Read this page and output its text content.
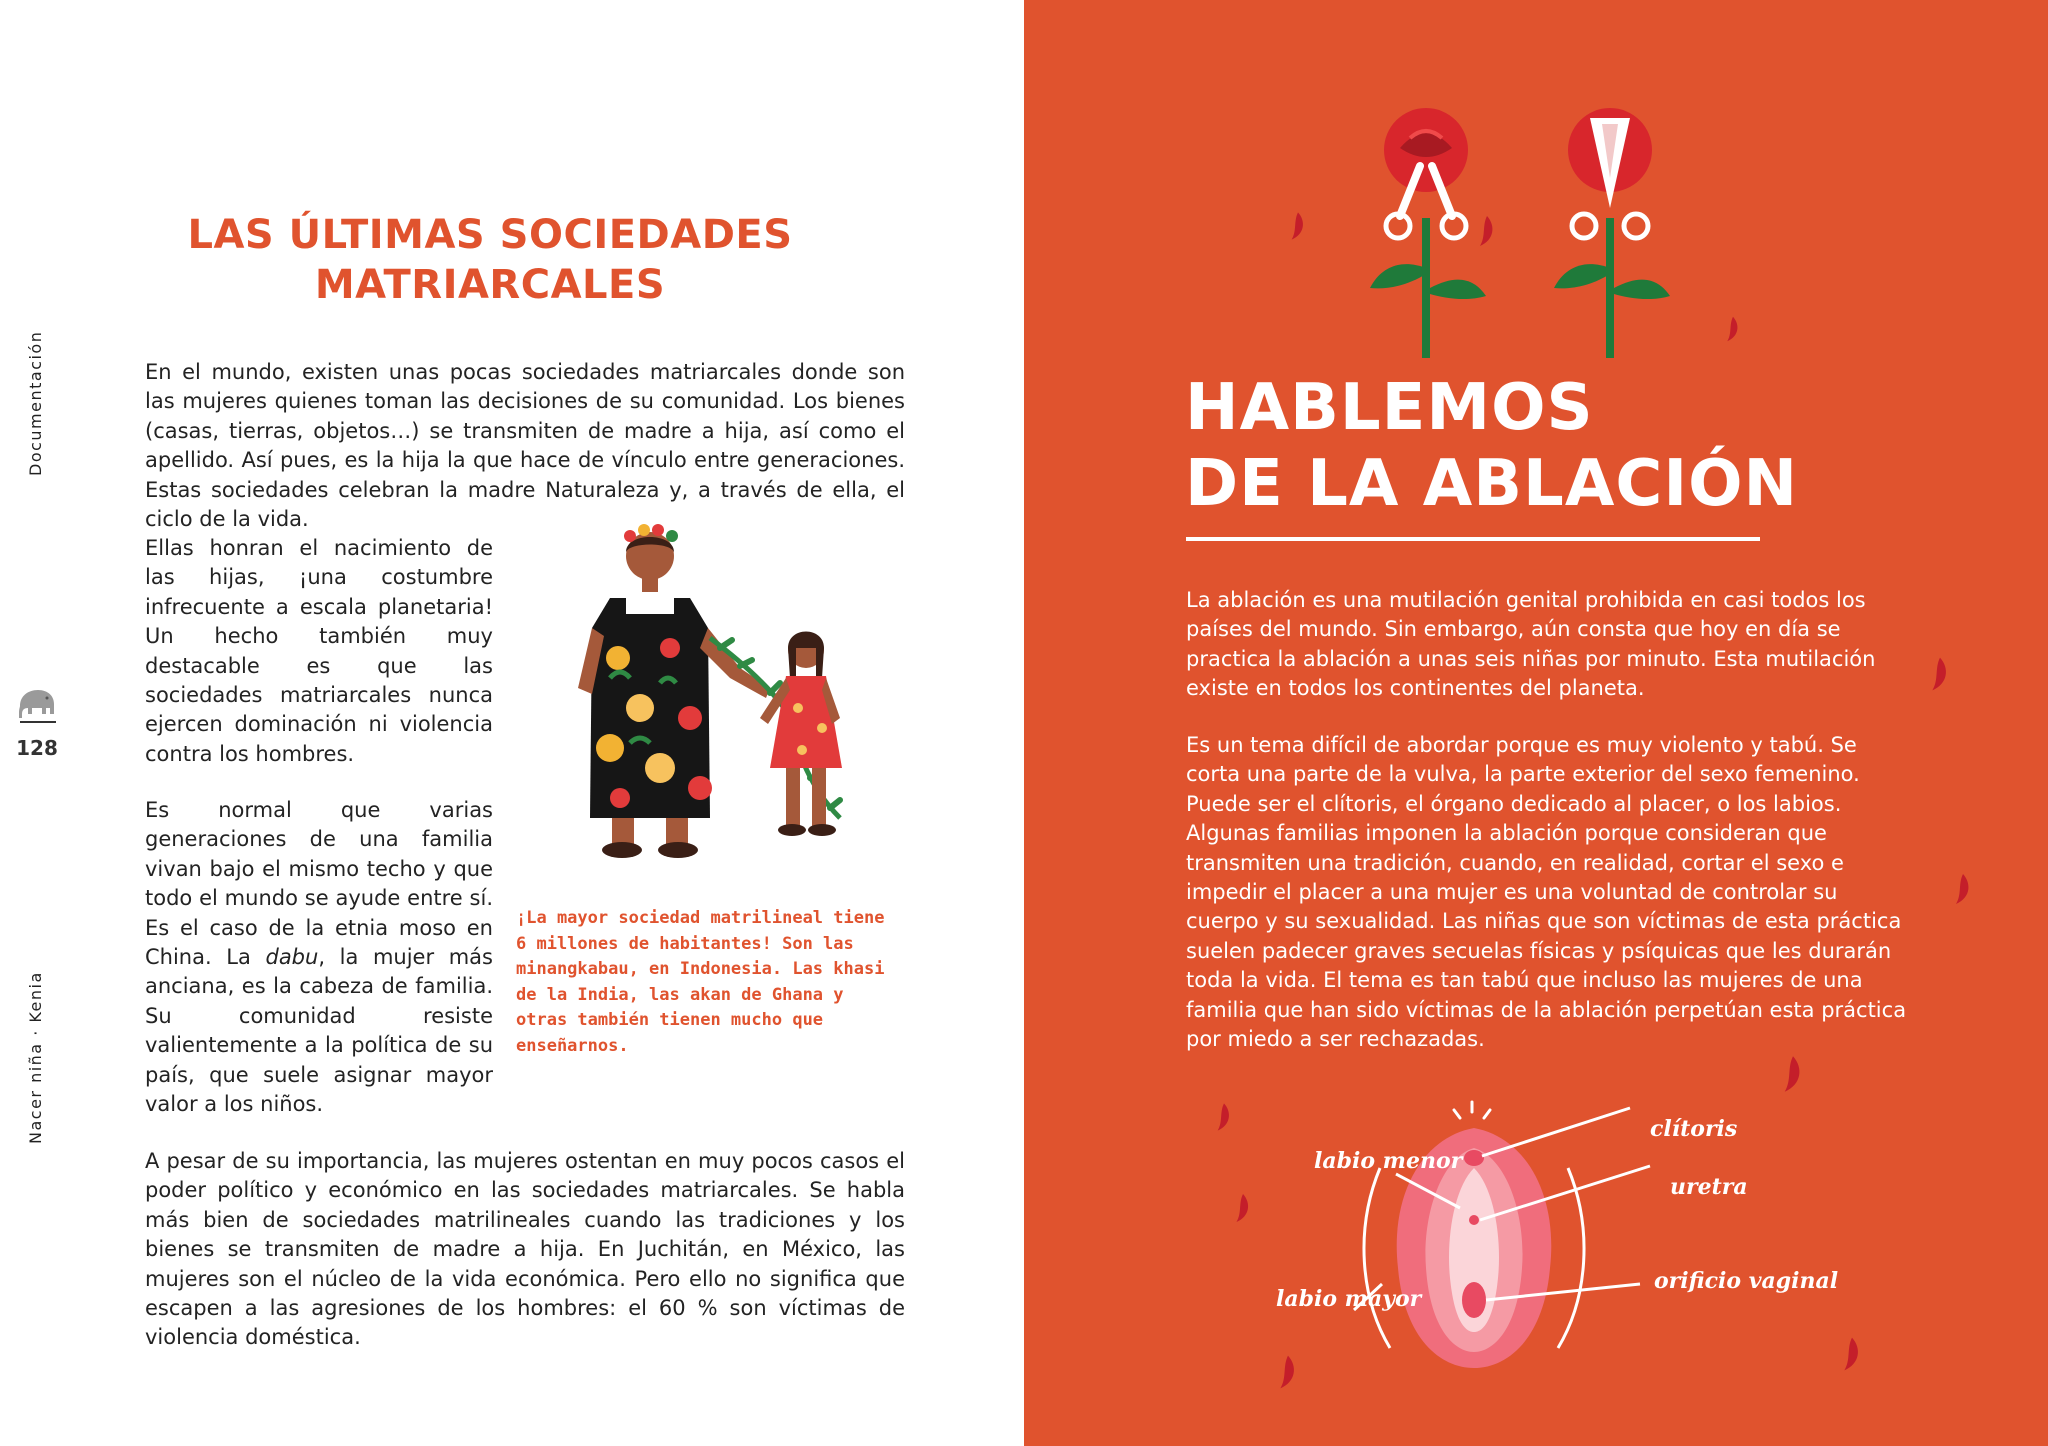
Documentación
128
Nacer niña · Kenia
LAS ÚLTIMAS SOCIEDADES
MATRIARCALES

En el mundo, existen unas pocas sociedades matriarcales donde son las mujeres quienes toman las decisiones de su comunidad. Los bienes (casas, tierras, objetos…) se transmiten de madre a hija, así como el apellido. Así pues, es la hija la que hace de vínculo entre generaciones. Estas sociedades celebran la madre Naturaleza y, a través de ella, el ciclo de la vida.

Ellas honran el nacimiento de las hijas, ¡una costumbre infrecuente a escala planetaria! Un hecho también muy destacable es que las sociedades matriarcales nunca ejercen dominación ni violencia contra los hombres.

Es normal que varias generaciones de una familia vivan bajo el mismo techo y que todo el mundo se ayude entre sí. Es el caso de la etnia moso en China. La dabu, la mujer más anciana, es la cabeza de familia. Su comunidad resiste valientemente a la política de su país, que suele asignar mayor valor a los niños.

A pesar de su importancia, las mujeres ostentan en muy pocos casos el poder político y económico en las sociedades matriarcales. Se habla más bien de sociedades matrilineales cuando las tradiciones y los bienes se transmiten de madre a hija. En Juchitán, en México, las mujeres son el núcleo de la vida económica. Pero ello no significa que escapen a las agresiones de los hombres: el 60 % son víctimas de violencia doméstica.

¡La mayor sociedad matrilineal tiene 6 millones de habitantes! Son las minangkabau, en Indonesia. Las khasi de la India, las akan de Ghana y otras también tienen mucho que enseñarnos.

HABLEMOS
DE LA ABLACIÓN

La ablación es una mutilación genital prohibida en casi todos los países del mundo. Sin embargo, aún consta que hoy en día se practica la ablación a unas seis niñas por minuto. Esta mutilación existe en todos los continentes del planeta.

Es un tema difícil de abordar porque es muy violento y tabú. Se corta una parte de la vulva, la parte exterior del sexo femenino. Puede ser el clítoris, el órgano dedicado al placer, o los labios. Algunas familias imponen la ablación porque consideran que transmiten una tradición, cuando, en realidad, cortar el sexo e impedir el placer a una mujer es una voluntad de controlar su cuerpo y su sexualidad. Las niñas que son víctimas de esta práctica suelen padecer graves secuelas físicas y psíquicas que les durarán toda la vida. El tema es tan tabú que incluso las mujeres de una familia que han sido víctimas de la ablación perpetúan esta práctica por miedo a ser rechazadas.

clítoris
labio menor
uretra
labio mayor
orificio vaginal
